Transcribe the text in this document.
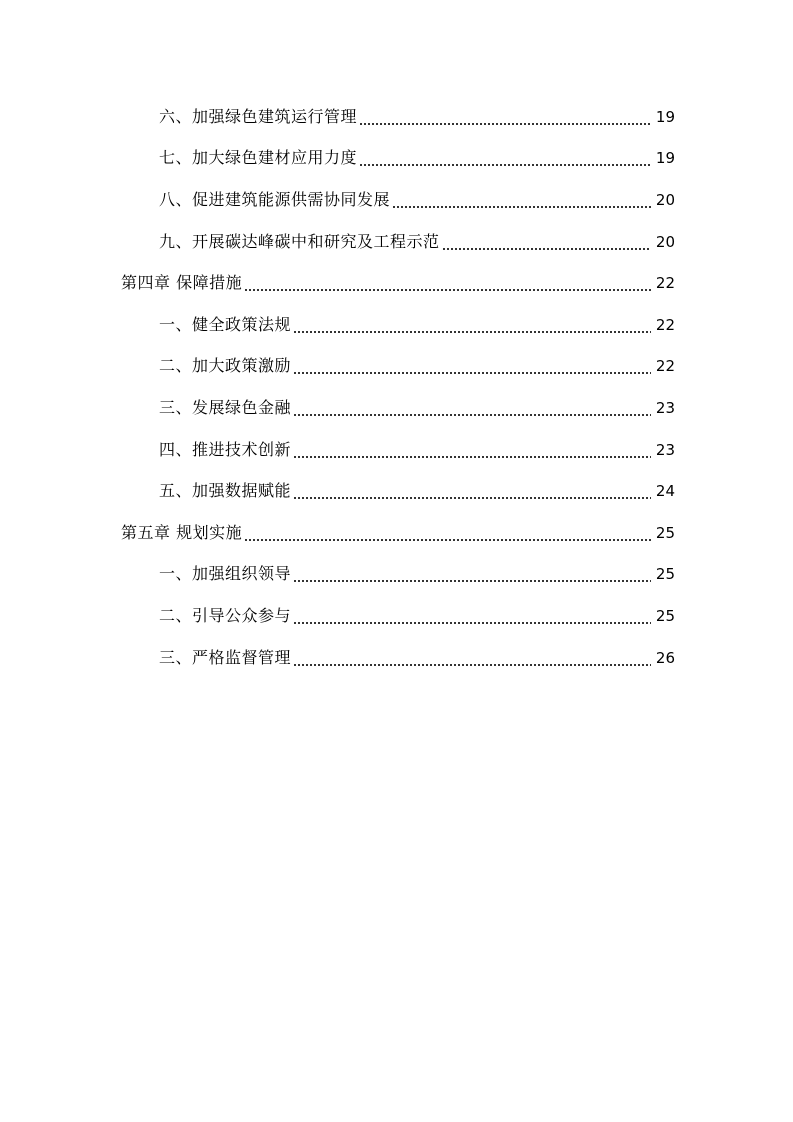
六、加强绿色建筑运行管理	19
七、加大绿色建材应用力度	19
八、促进建筑能源供需协同发展	20
九、开展碳达峰碳中和研究及工程示范	20
第四章 保障措施	22
一、健全政策法规	22
二、加大政策激励	22
三、发展绿色金融	23
四、推进技术创新	23
五、加强数据赋能	24
第五章 规划实施	25
一、加强组织领导	25
二、引导公众参与	25
三、严格监督管理	26
